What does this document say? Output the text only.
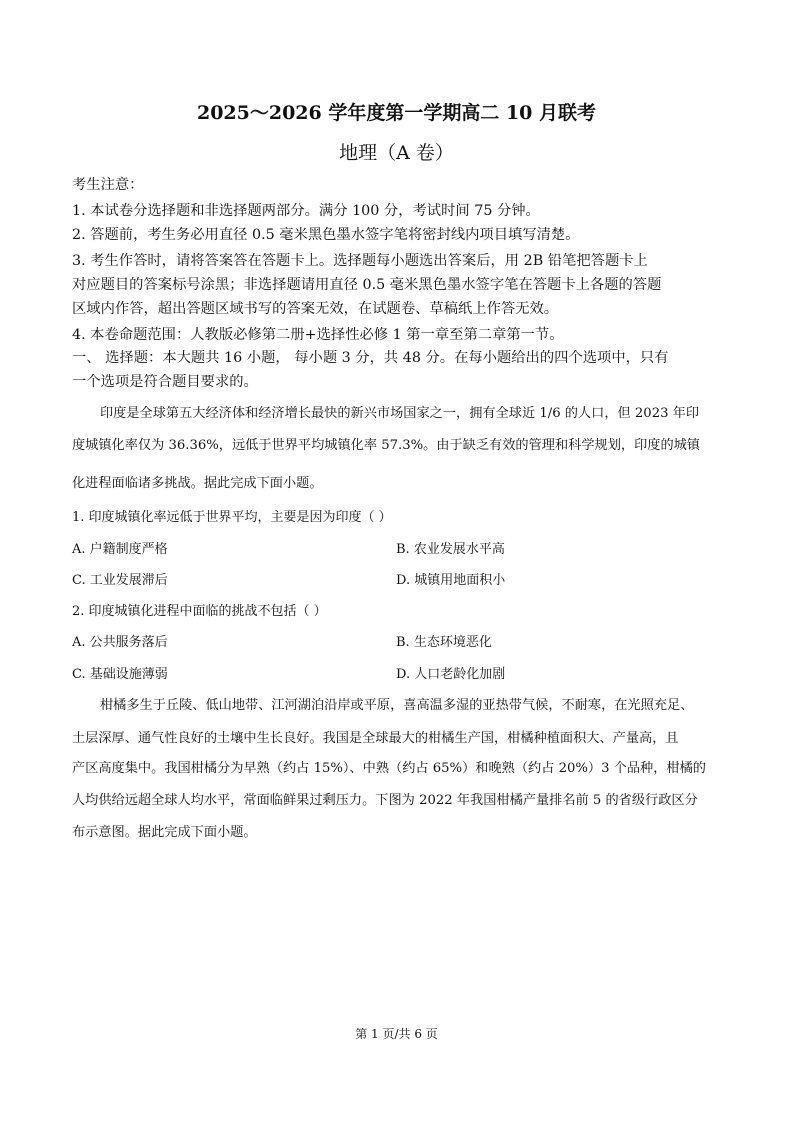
2025～2026 学年度第一学期高二 10 月联考
地理（A 卷）
考生注意：
1. 本试卷分选择题和非选择题两部分。满分 100 分，考试时间 75 分钟。
2. 答题前，考生务必用直径 0.5 毫米黑色墨水签字笔将密封线内项目填写清楚。
3. 考生作答时，请将答案答在答题卡上。选择题每小题选出答案后，用 2B 铅笔把答题卡上
对应题目的答案标号涂黑；非选择题请用直径 0.5 毫米黑色墨水签字笔在答题卡上各题的答题
区域内作答，超出答题区域书写的答案无效，在试题卷、草稿纸上作答无效。
4. 本卷命题范围：人教版必修第二册+选择性必修 1 第一章至第二章第一节。
一、 选择题：本大题共 16 小题， 每小题 3 分，共 48 分。在每小题给出的四个选项中，只有
一个选项是符合题目要求的。
印度是全球第五大经济体和经济增长最快的新兴市场国家之一，拥有全球近 1/6 的人口，但 2023 年印
度城镇化率仅为 36.36%，远低于世界平均城镇化率 57.3%。由于缺乏有效的管理和科学规划，印度的城镇
化进程面临诸多挑战。据此完成下面小题。
1. 印度城镇化率远低于世界平均，主要是因为印度（ ）
A. 户籍制度严格	B. 农业发展水平高
C. 工业发展滞后	D. 城镇用地面积小
2. 印度城镇化进程中面临的挑战不包括（ ）
A. 公共服务落后	B. 生态环境恶化
C. 基础设施薄弱	D. 人口老龄化加剧
柑橘多生于丘陵、低山地带、江河湖泊沿岸或平原，喜高温多湿的亚热带气候，不耐寒，在光照充足、
土层深厚、通气性良好的土壤中生长良好。我国是全球最大的柑橘生产国，柑橘种植面积大、产量高，且
产区高度集中。我国柑橘分为早熟（约占 15%）、中熟（约占 65%）和晚熟（约占 20%）3 个品种，柑橘的
人均供给远超全球人均水平，常面临鲜果过剩压力。下图为 2022 年我国柑橘产量排名前 5 的省级行政区分
布示意图。据此完成下面小题。
第 1 页/共 6 页
